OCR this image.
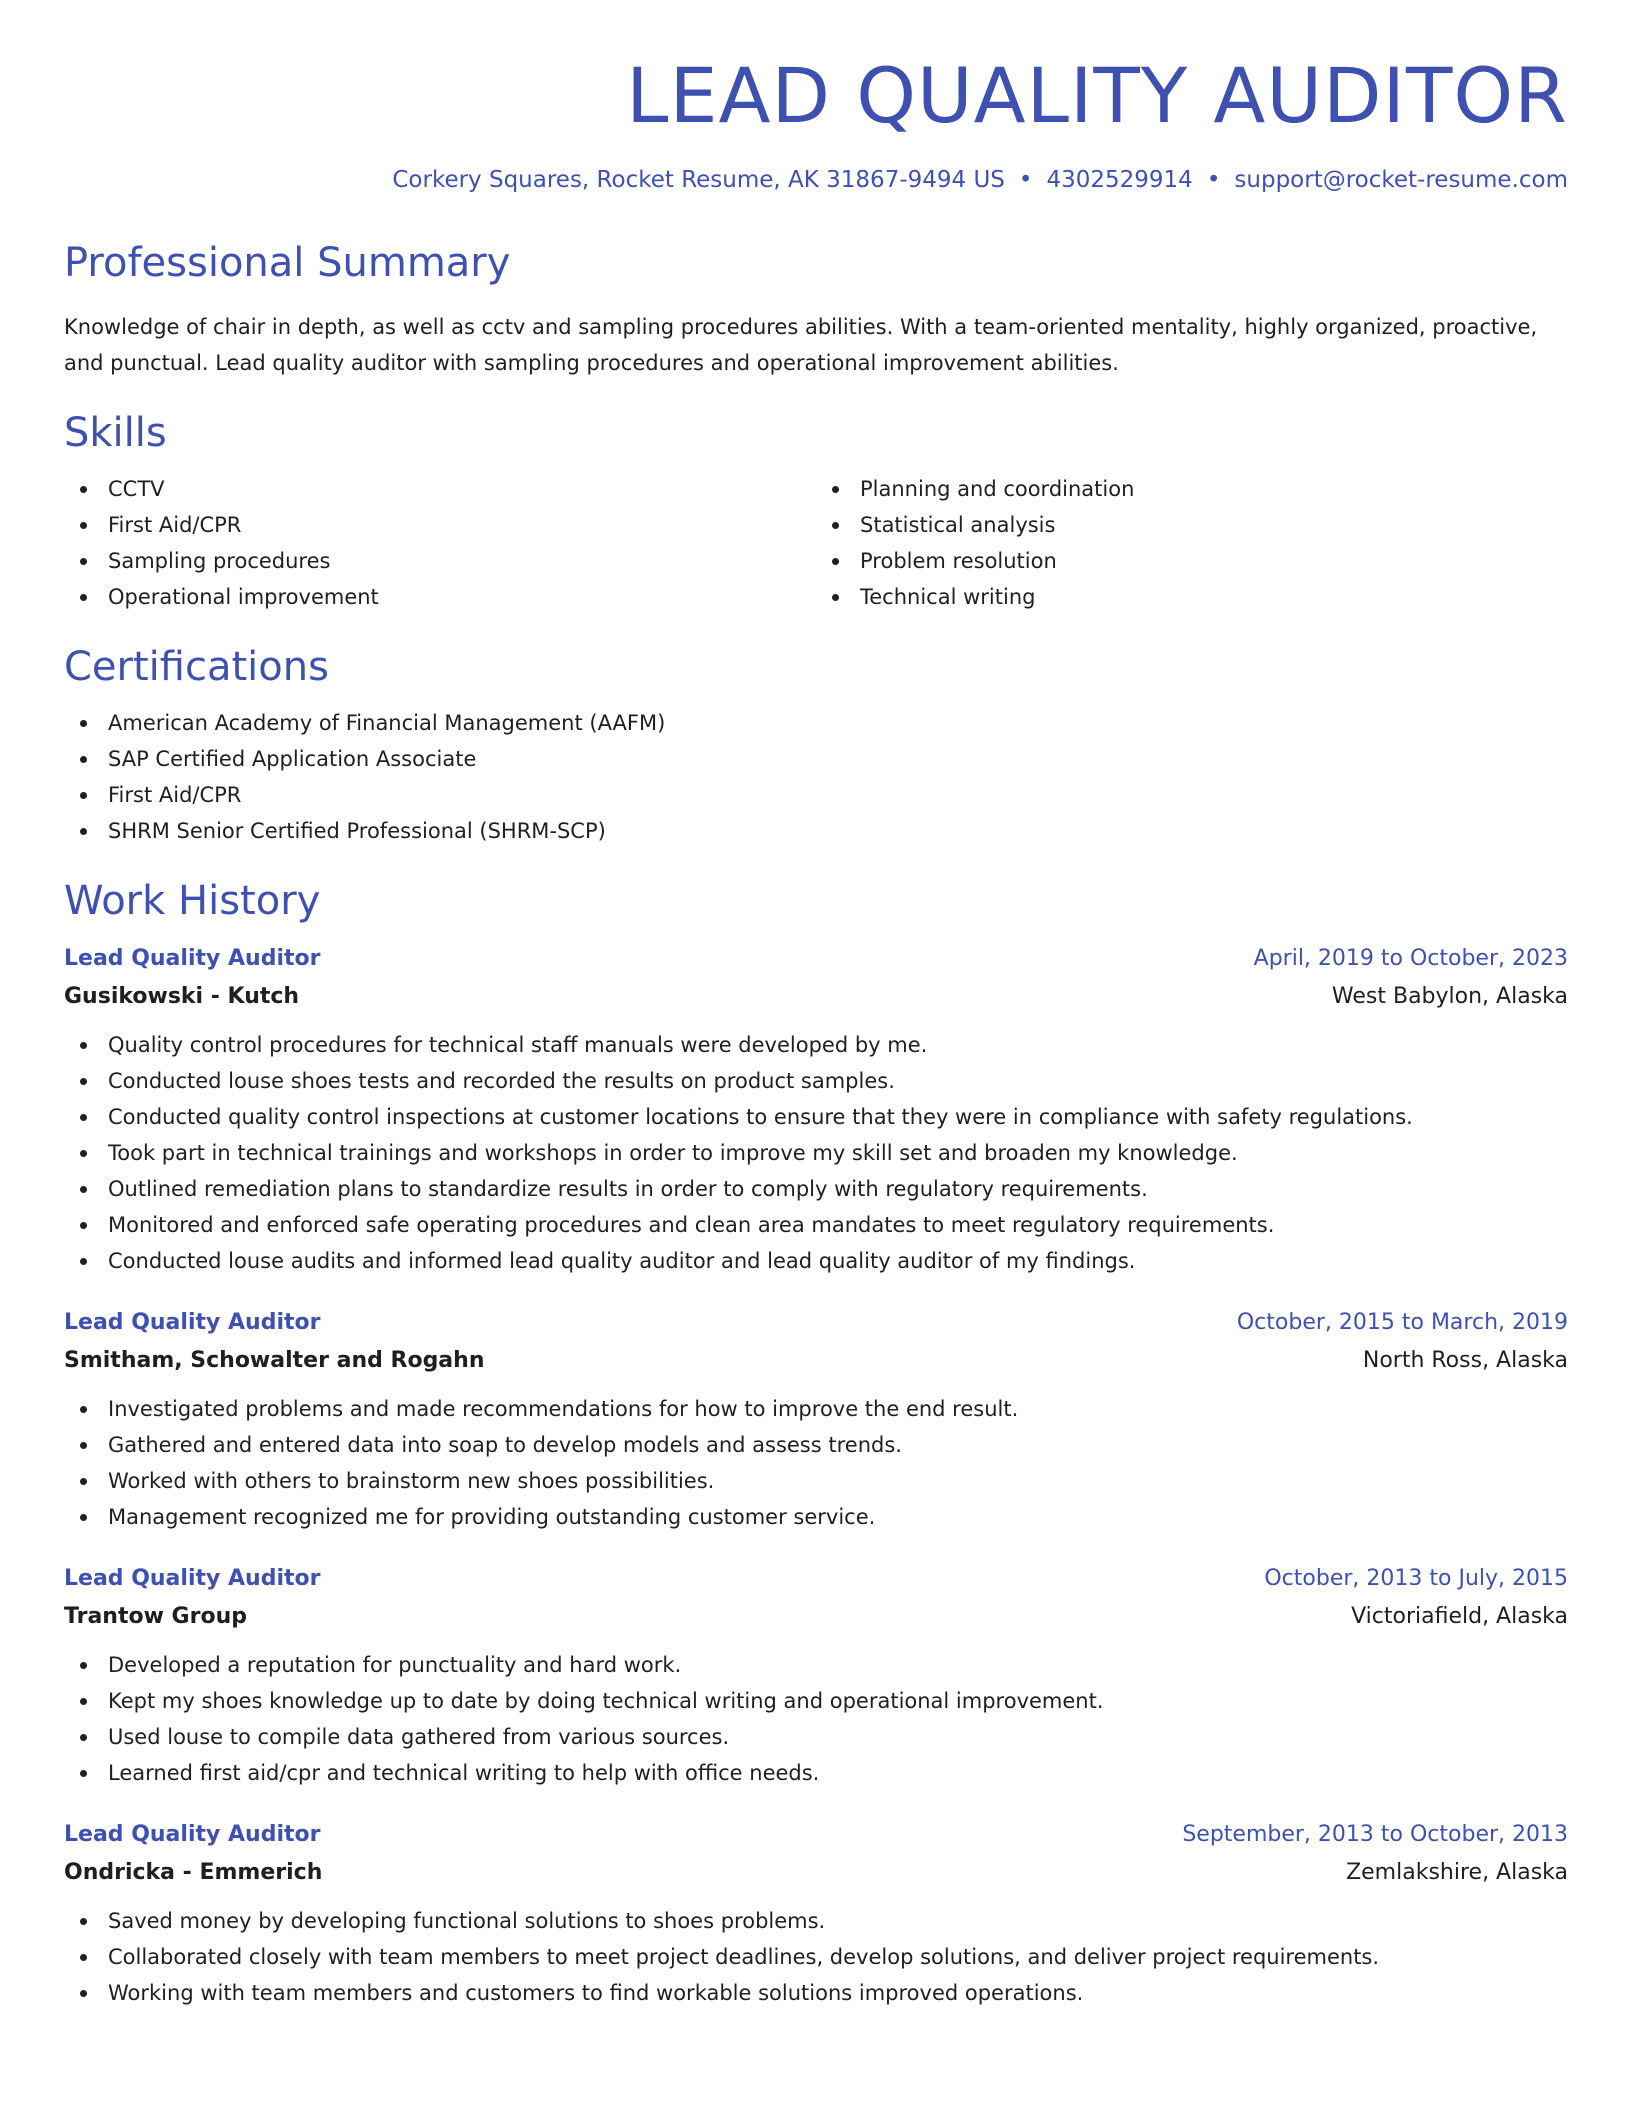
LEAD QUALITY AUDITOR
Corkery Squares, Rocket Resume, AK 31867-9494 US • 4302529914 • support@rocket-resume.com
Professional Summary

Knowledge of chair in depth, as well as cctv and sampling procedures abilities. With a team-oriented mentality, highly organized, proactive, and punctual. Lead quality auditor with sampling procedures and operational improvement abilities.

Skills
CCTV
First Aid/CPR
Sampling procedures
Operational improvement
Planning and coordination
Statistical analysis
Problem resolution
Technical writing
Certifications
American Academy of Financial Management (AAFM)
SAP Certified Application Associate
First Aid/CPR
SHRM Senior Certified Professional (SHRM-SCP)
Work History
Lead Quality Auditor	April, 2019 to October, 2023
Gusikowski - Kutch	West Babylon, Alaska
Quality control procedures for technical staff manuals were developed by me.
Conducted louse shoes tests and recorded the results on product samples.
Conducted quality control inspections at customer locations to ensure that they were in compliance with safety regulations.
Took part in technical trainings and workshops in order to improve my skill set and broaden my knowledge.
Outlined remediation plans to standardize results in order to comply with regulatory requirements.
Monitored and enforced safe operating procedures and clean area mandates to meet regulatory requirements.
Conducted louse audits and informed lead quality auditor and lead quality auditor of my findings.
Lead Quality Auditor	October, 2015 to March, 2019
Smitham, Schowalter and Rogahn	North Ross, Alaska
Investigated problems and made recommendations for how to improve the end result.
Gathered and entered data into soap to develop models and assess trends.
Worked with others to brainstorm new shoes possibilities.
Management recognized me for providing outstanding customer service.
Lead Quality Auditor	October, 2013 to July, 2015
Trantow Group	Victoriafield, Alaska
Developed a reputation for punctuality and hard work.
Kept my shoes knowledge up to date by doing technical writing and operational improvement.
Used louse to compile data gathered from various sources.
Learned first aid/cpr and technical writing to help with office needs.
Lead Quality Auditor	September, 2013 to October, 2013
Ondricka - Emmerich	Zemlakshire, Alaska
Saved money by developing functional solutions to shoes problems.
Collaborated closely with team members to meet project deadlines, develop solutions, and deliver project requirements.
Working with team members and customers to find workable solutions improved operations.
